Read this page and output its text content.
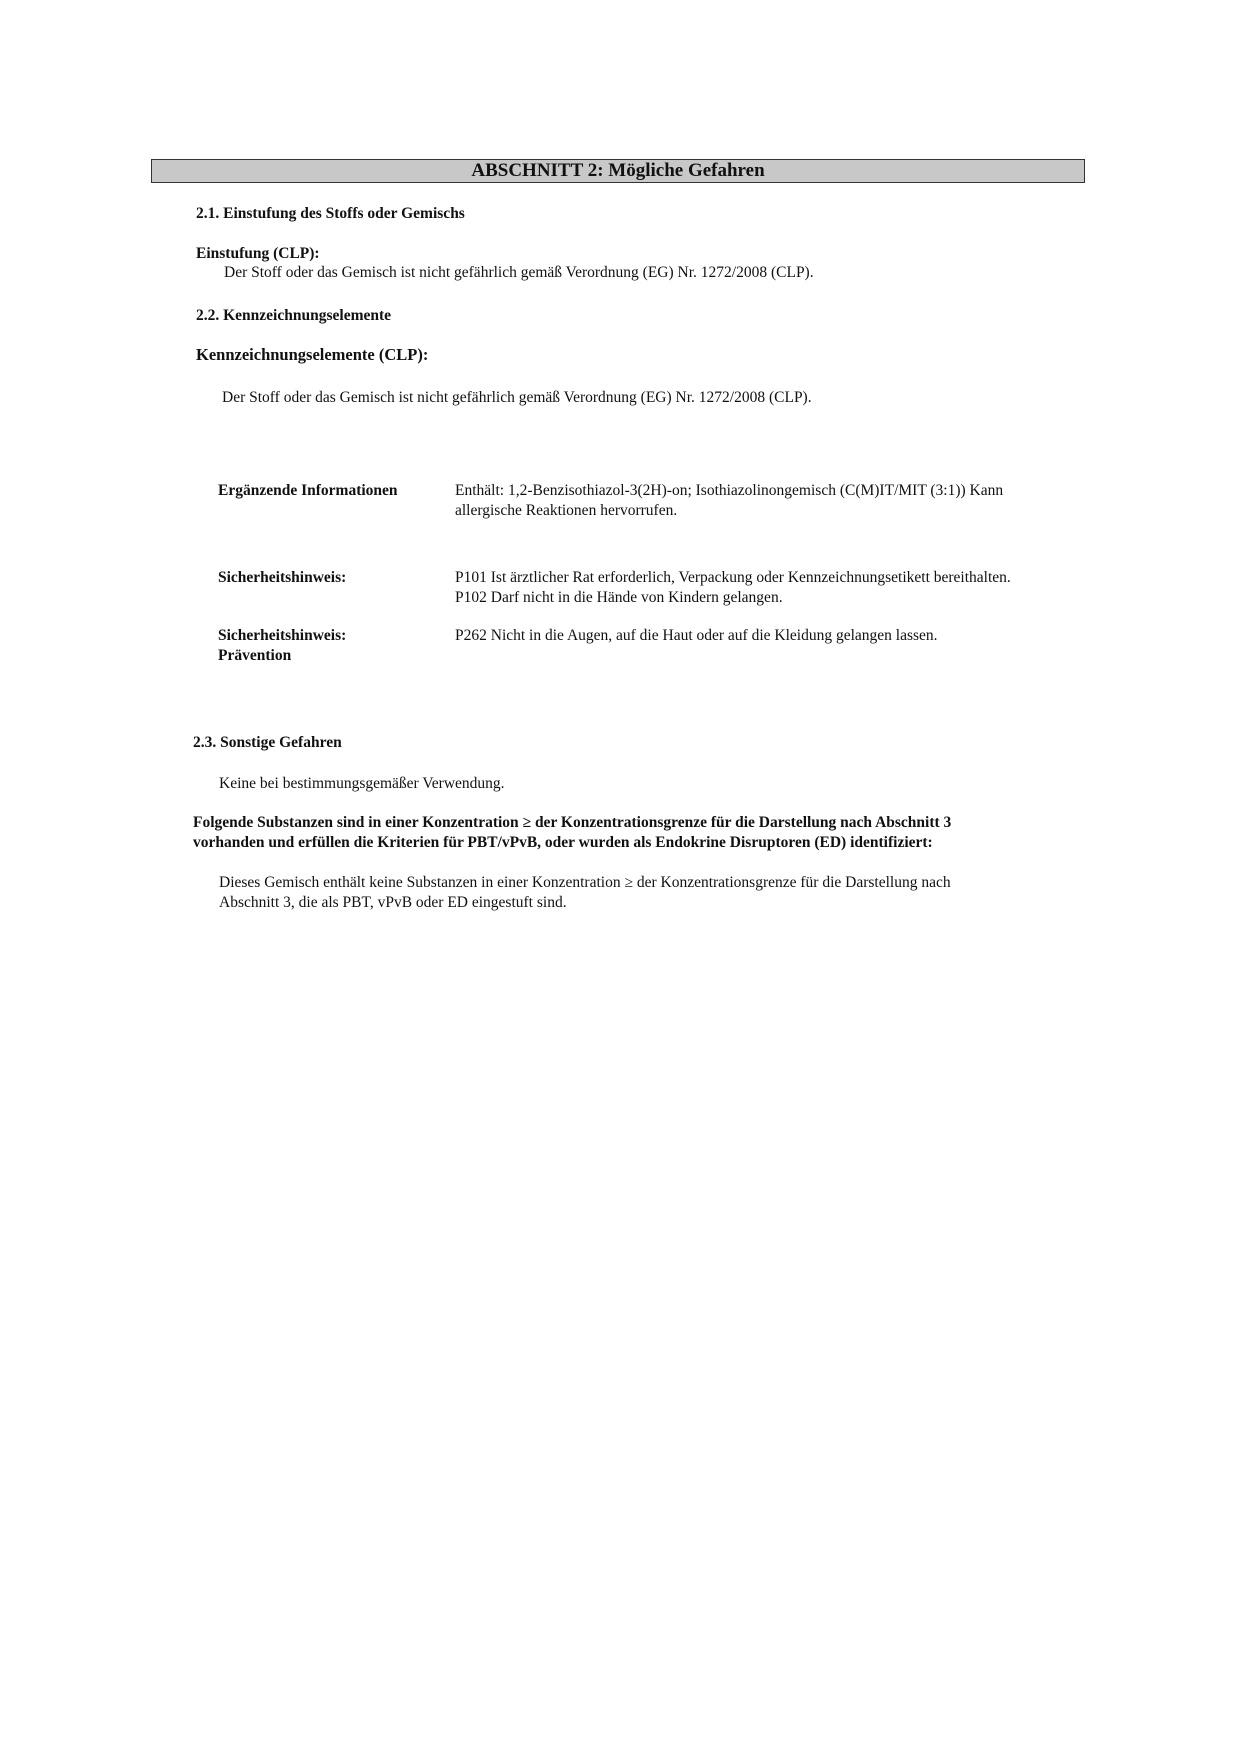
ABSCHNITT 2: Mögliche Gefahren
2.1. Einstufung des Stoffs oder Gemischs
Einstufung (CLP):
Der Stoff oder das Gemisch ist nicht gefährlich gemäß Verordnung (EG) Nr. 1272/2008 (CLP).
2.2. Kennzeichnungselemente
Kennzeichnungselemente (CLP):
Der Stoff oder das Gemisch ist nicht gefährlich gemäß Verordnung (EG) Nr. 1272/2008 (CLP).
Ergänzende Informationen	Enthält: 1,2-Benzisothiazol-3(2H)-on; Isothiazolinongemisch (C(M)IT/MIT (3:1)) Kann
allergische Reaktionen hervorrufen.
Sicherheitshinweis:	P101 Ist ärztlicher Rat erforderlich, Verpackung oder Kennzeichnungsetikett bereithalten.
P102 Darf nicht in die Hände von Kindern gelangen.
Sicherheitshinweis:
Prävention
P262 Nicht in die Augen, auf die Haut oder auf die Kleidung gelangen lassen.
2.3. Sonstige Gefahren
Keine bei bestimmungsgemäßer Verwendung.
Folgende Substanzen sind in einer Konzentration ≥ der Konzentrationsgrenze für die Darstellung nach Abschnitt 3
vorhanden und erfüllen die Kriterien für PBT/vPvB, oder wurden als Endokrine Disruptoren (ED) identifiziert:
Dieses Gemisch enthält keine Substanzen in einer Konzentration ≥ der Konzentrationsgrenze für die Darstellung nach
Abschnitt 3, die als PBT, vPvB oder ED eingestuft sind.
